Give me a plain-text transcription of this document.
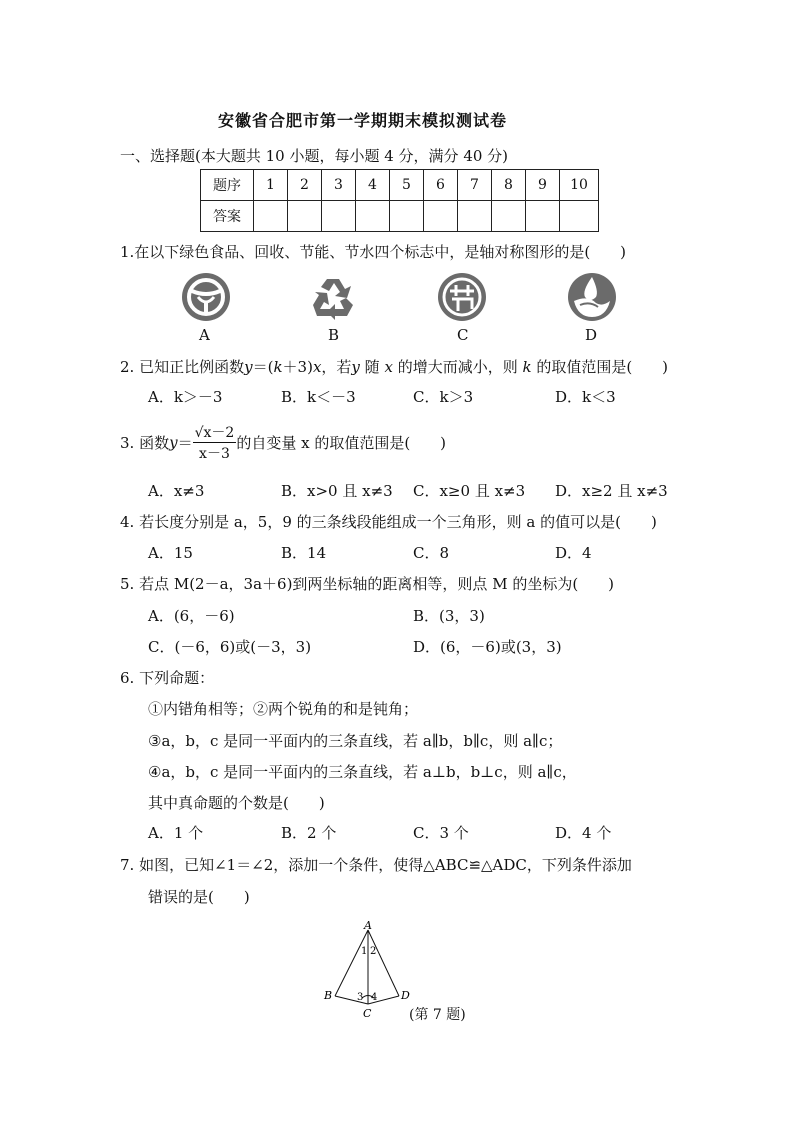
安徽省合肥市第一学期期末模拟测试卷
一、选择题(本大题共 10 小题，每小题 4 分，满分 40 分)
题序	1	2	3	4	5	6	7	8	9	10
答案										
1.在以下绿色食品、回收、节能、节水四个标志中，是轴对称图形的是(　　)
A	B	C	D
2. 已知正比例函数y＝(k＋3)x，若y 随 x 的增大而减小，则 k 的取值范围是(　　)
A．k＞－3	B．k＜－3	C．k＞3	D．k＜3
3. 函数$y= \frac{√x-2}{x-3}$ 的自变量 x 的取值范围是(　　)
A．x≠3	B．x>0 且 x≠3 C．x≥0 且 x≠3 D．x≥2 且 x≠3
4. 若长度分别是 a，5，9 的三条线段能组成一个三角形，则 a 的值可以是(　　)
A．15	B．14	C．8	D．4
5. 若点 M(2－a，3a＋6)到两坐标轴的距离相等，则点 M 的坐标为(　　)
A．(6，－6)	B．(3，3)
C．(－6，6)或(－3，3)	D．(6，－6)或(3，3)
6. 下列命题：
①内错角相等；②两个锐角的和是钝角；
③a，b，c 是同一平面内的三条直线，若 a∥b，b∥c，则 a∥c；
④a，b，c 是同一平面内的三条直线，若 a⊥b，b⊥c，则 a∥c，
其中真命题的个数是(　　)
A．1 个	B．2 个	C．3 个	D．4 个
7. 如图，已知∠1＝∠2，添加一个条件，使得△ABC≌△ADC，下列条件添加
错误的是(　　)
A
B
C
D
1 2
3 4
(第 7 题)
